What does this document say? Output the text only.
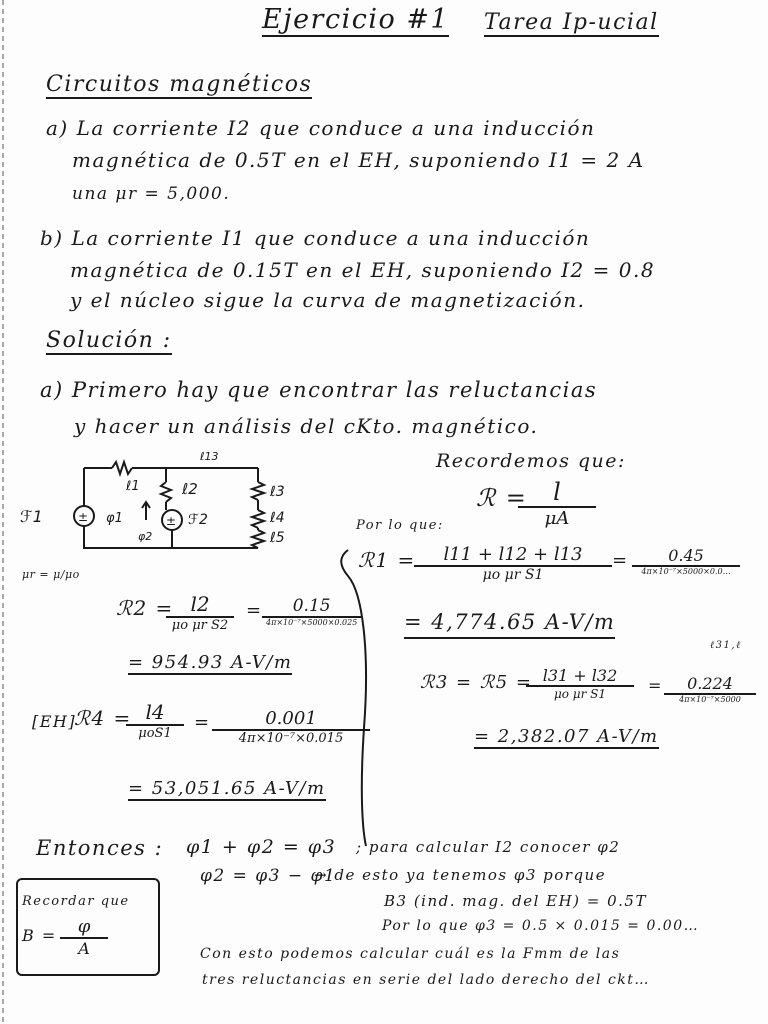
Ejercicio #1 Tarea Ip-ucial
Circuitos magnéticos
a) La corriente I2 que conduce a una inducción
magnética de 0.5T en el EH, suponiendo I1 = 2 A
una μr = 5,000.
b) La corriente I1 que conduce a una inducción
magnética de 0.15T en el EH, suponiendo I2 = 0.8
y el núcleo sigue la curva de magnetización.
Solución :
a) Primero hay que encontrar las reluctancias
y hacer un análisis del cKto. magnético.
±	±
ℓ1	ℓ2	ℓ3
ℓ4
ℓ5
ℓ13
ℱ1	φ1
φ2
ℱ2
μr = μ/μo
Recordemos que:
ℛ =	l
μA
Por lo que:
ℛ1 =	l11 + l12 + l13
μo μr S1
=	0.45
4π×10⁻⁷×5000×0.0…
= 4,774.65 A-V/m
ℛ2 = l2
μo μr S2
=	0.15
4π×10⁻⁷×5000×0.025
= 954.93 A-V/m
ℓ31,ℓ
ℛ3 = ℛ5 = l31 + l32
μo μr S1	=	0.224
4π×10⁻⁷×5000
= 2,382.07 A-V/m
[EH]
ℛ4 = l4
μoS1
=	0.001
4π×10⁻⁷×0.015
= 53,051.65 A-V/m
Entonces : φ1 + φ2 = φ3 ; para calcular I2 conocer φ2
φ2 = φ3 − φ1
→ de esto ya tenemos φ3 porque
B3 (ind. mag. del EH) = 0.5T
Por lo que φ3 = 0.5 × 0.015 = 0.00…
Con esto podemos calcular cuál es la Fmm de las
tres reluctancias en serie del lado derecho del ckt…
Recordar que
$B = \frac{\varphi}{A}$
